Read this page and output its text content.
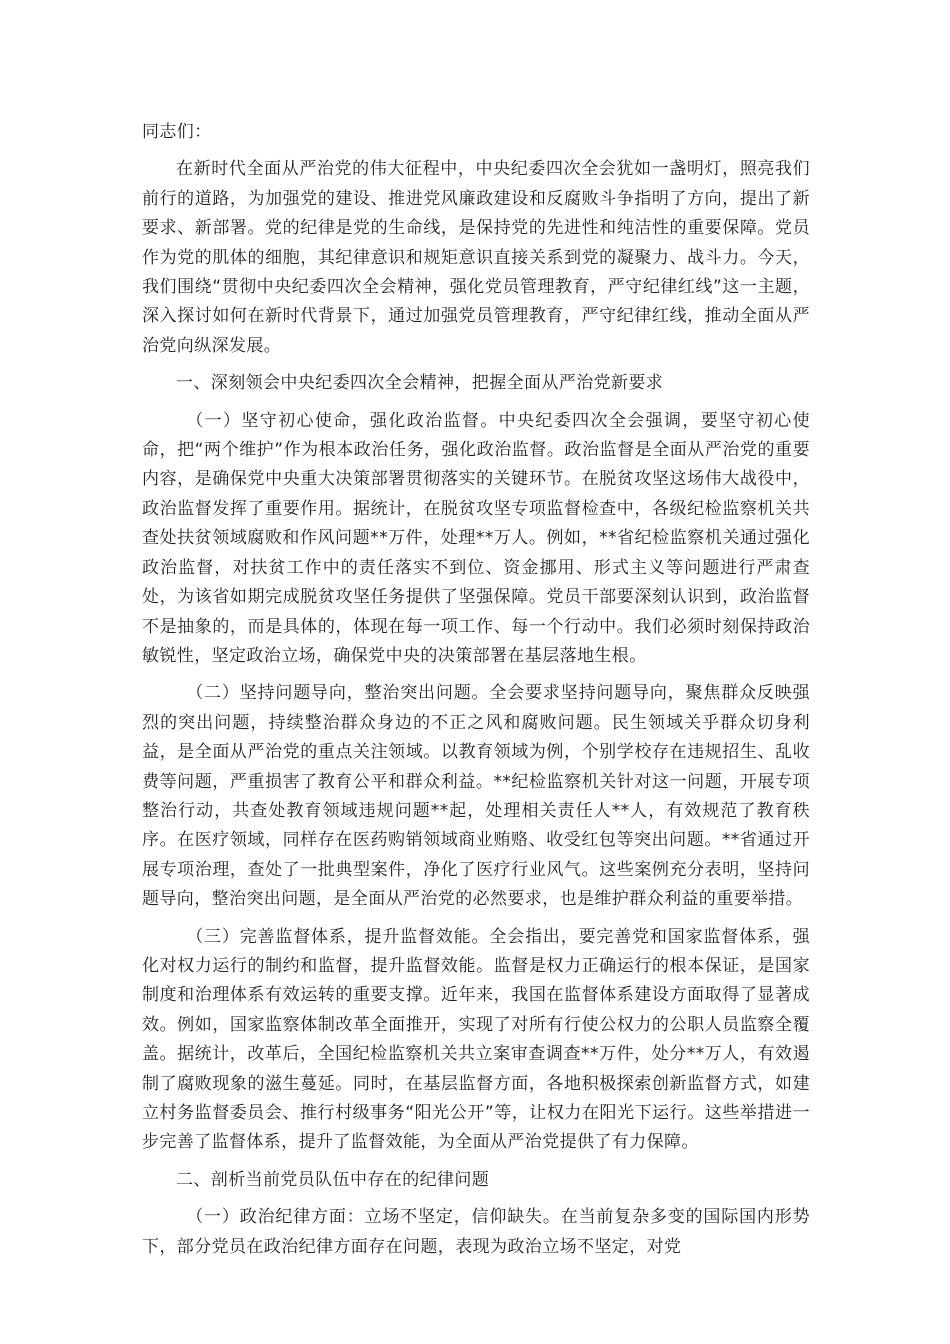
同志们：

在新时代全面从严治党的伟大征程中，中央纪委四次全会犹如一盏明灯，照亮我们前行的道路，为加强党的建设、推进党风廉政建设和反腐败斗争指明了方向，提出了新要求、新部署。党的纪律是党的生命线，是保持党的先进性和纯洁性的重要保障。党员作为党的肌体的细胞，其纪律意识和规矩意识直接关系到党的凝聚力、战斗力。今天，我们围绕“贯彻中央纪委四次全会精神，强化党员管理教育，严守纪律红线”这一主题，深入探讨如何在新时代背景下，通过加强党员管理教育，严守纪律红线，推动全面从严治党向纵深发展。

一、深刻领会中央纪委四次全会精神，把握全面从严治党新要求

（一）坚守初心使命，强化政治监督。中央纪委四次全会强调，要坚守初心使命，把“两个维护”作为根本政治任务，强化政治监督。政治监督是全面从严治党的重要内容，是确保党中央重大决策部署贯彻落实的关键环节。在脱贫攻坚这场伟大战役中，政治监督发挥了重要作用。据统计，在脱贫攻坚专项监督检查中，各级纪检监察机关共查处扶贫领域腐败和作风问题**万件，处理**万人。例如，**省纪检监察机关通过强化政治监督，对扶贫工作中的责任落实不到位、资金挪用、形式主义等问题进行严肃查处，为该省如期完成脱贫攻坚任务提供了坚强保障。党员干部要深刻认识到，政治监督不是抽象的，而是具体的，体现在每一项工作、每一个行动中。我们必须时刻保持政治敏锐性，坚定政治立场，确保党中央的决策部署在基层落地生根。

（二）坚持问题导向，整治突出问题。全会要求坚持问题导向，聚焦群众反映强烈的突出问题，持续整治群众身边的不正之风和腐败问题。民生领域关乎群众切身利益，是全面从严治党的重点关注领域。以教育领域为例，个别学校存在违规招生、乱收费等问题，严重损害了教育公平和群众利益。**纪检监察机关针对这一问题，开展专项整治行动，共查处教育领域违规问题**起，处理相关责任人**人，有效规范了教育秩序。在医疗领域，同样存在医药购销领域商业贿赂、收受红包等突出问题。**省通过开展专项治理，查处了一批典型案件，净化了医疗行业风气。这些案例充分表明，坚持问题导向，整治突出问题，是全面从严治党的必然要求，也是维护群众利益的重要举措。

（三）完善监督体系，提升监督效能。全会指出，要完善党和国家监督体系，强化对权力运行的制约和监督，提升监督效能。监督是权力正确运行的根本保证，是国家制度和治理体系有效运转的重要支撑。近年来，我国在监督体系建设方面取得了显著成效。例如，国家监察体制改革全面推开，实现了对所有行使公权力的公职人员监察全覆盖。据统计，改革后，全国纪检监察机关共立案审查调查**万件，处分**万人，有效遏制了腐败现象的滋生蔓延。同时，在基层监督方面，各地积极探索创新监督方式，如建立村务监督委员会、推行村级事务“阳光公开”等，让权力在阳光下运行。这些举措进一步完善了监督体系，提升了监督效能，为全面从严治党提供了有力保障。

二、剖析当前党员队伍中存在的纪律问题

（一）政治纪律方面：立场不坚定，信仰缺失。在当前复杂多变的国际国内形势下，部分党员在政治纪律方面存在问题，表现为政治立场不坚定，对党
